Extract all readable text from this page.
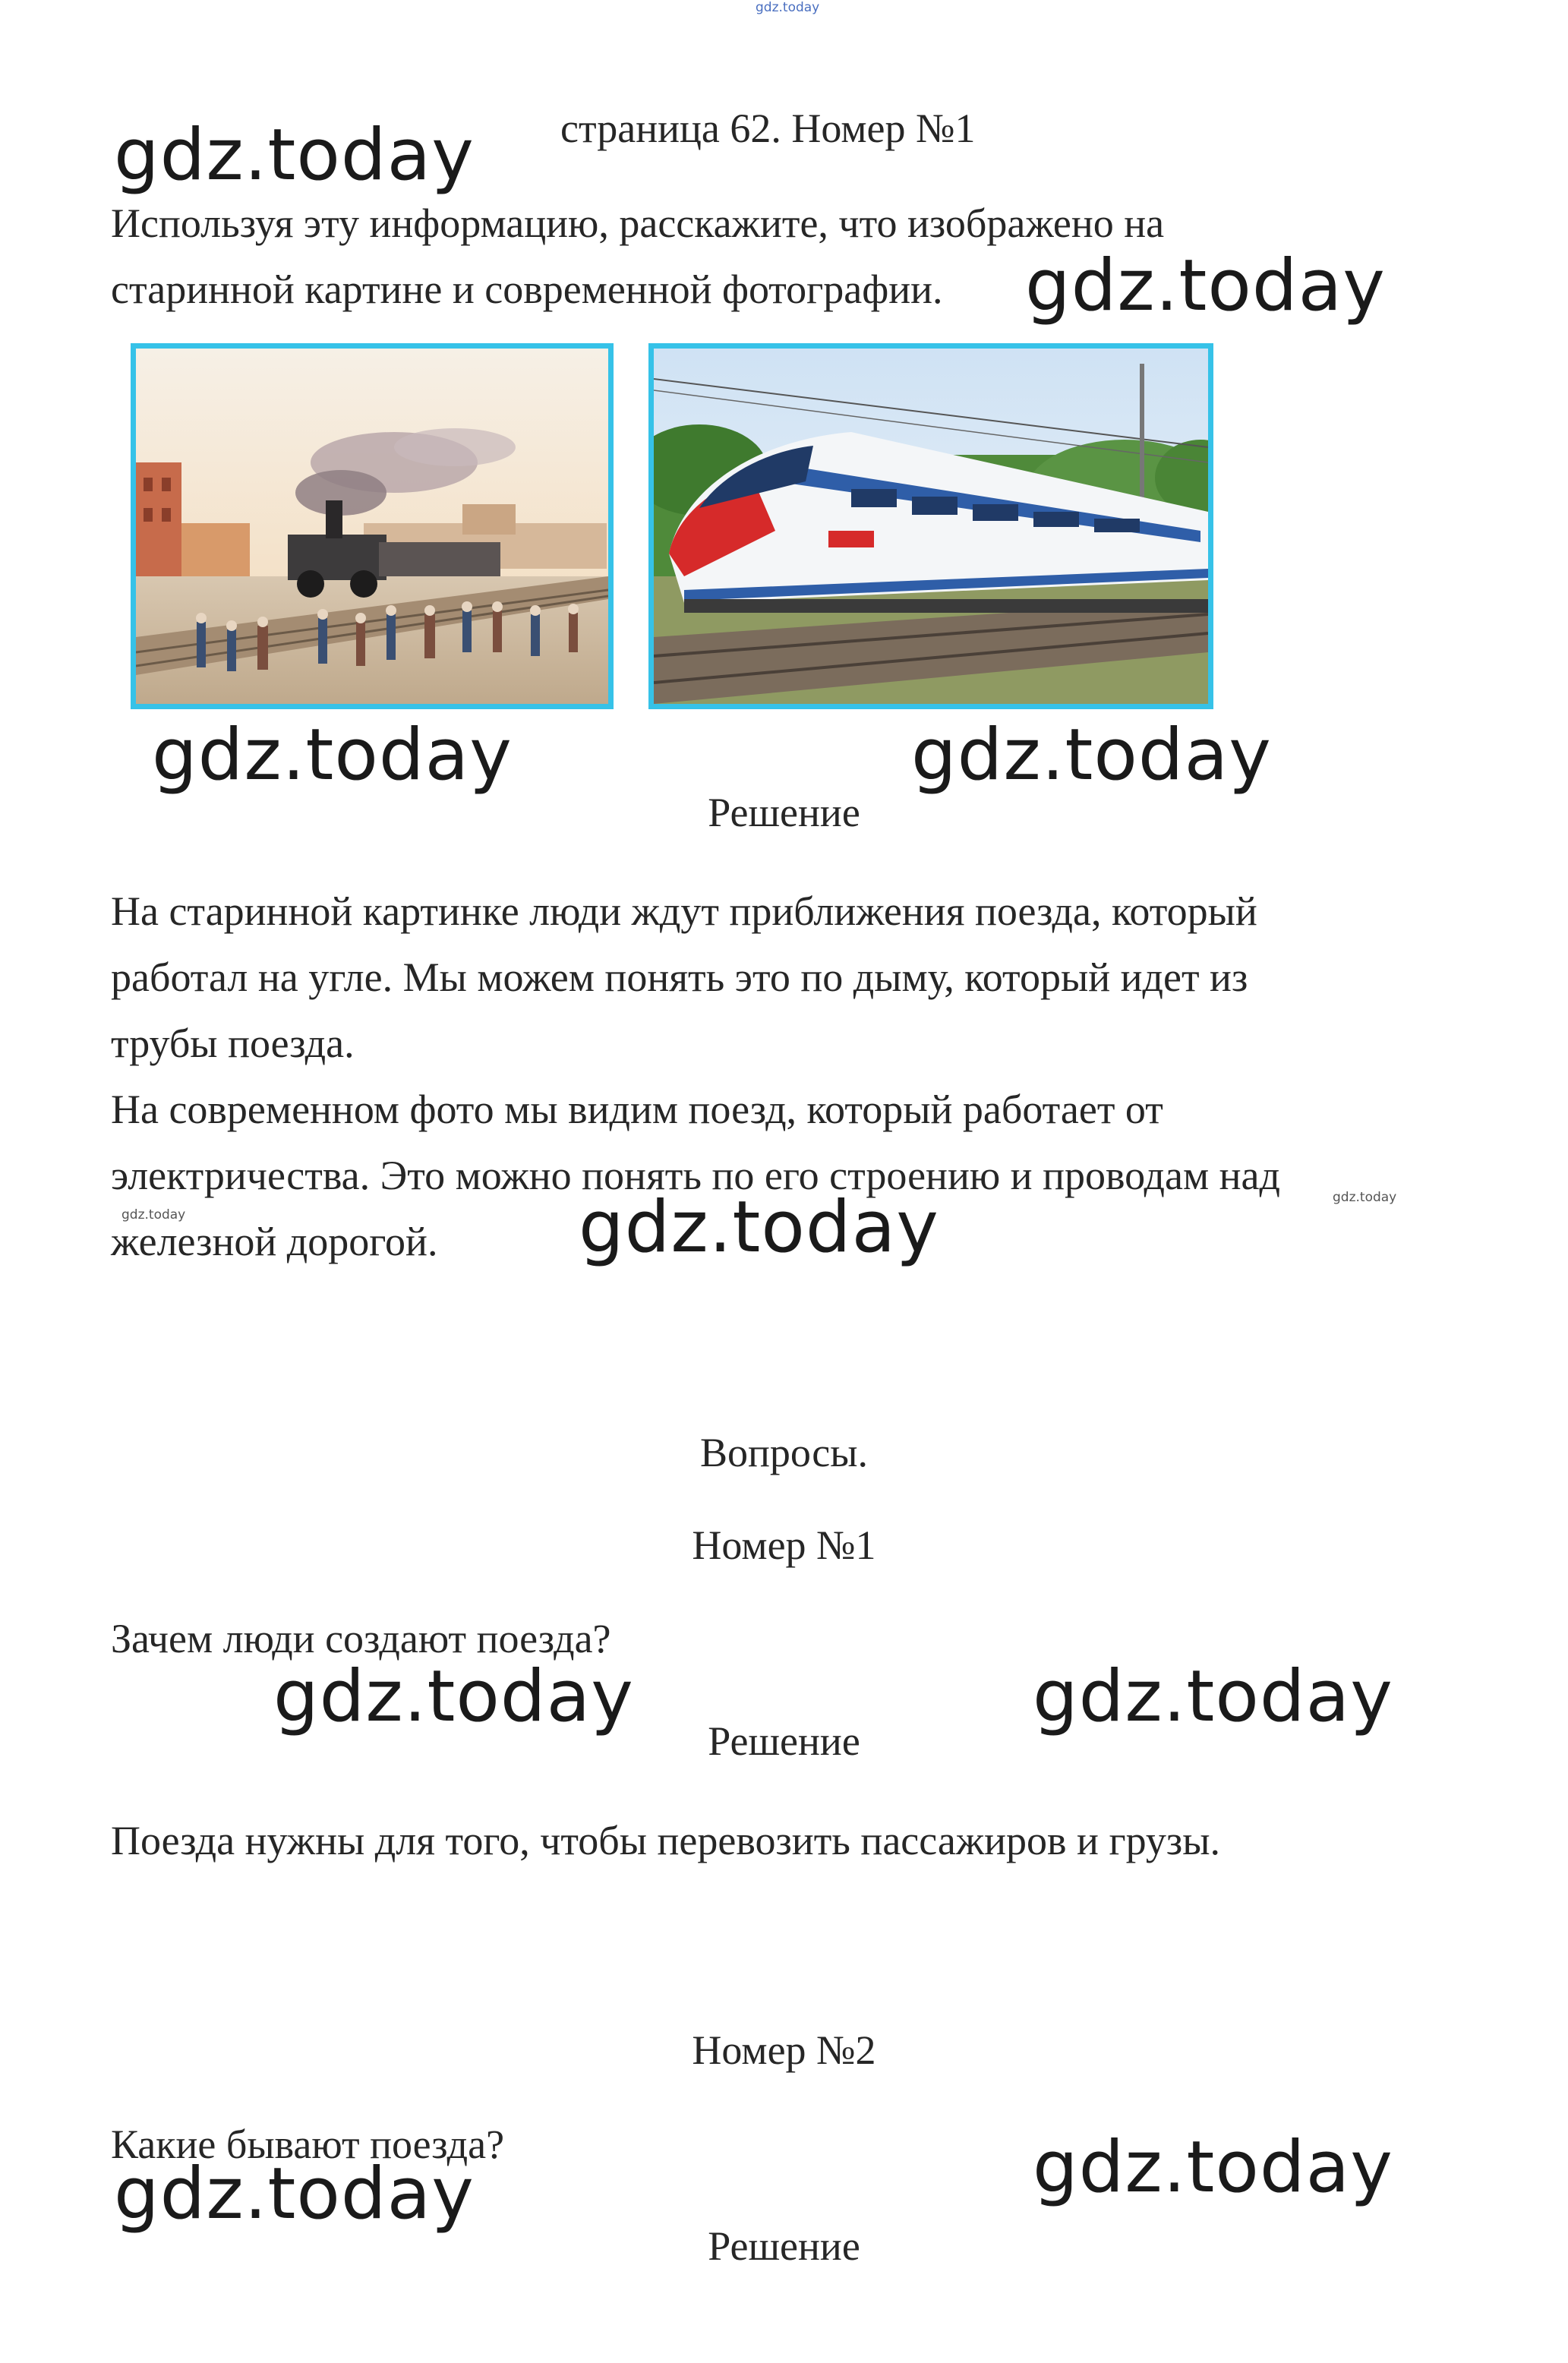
gdz.today
страница 62. Номер №1
gdz.today
Используя эту информацию, расскажите, что изображено на
старинной картине и современной фотографии. gdz.today
gdz.today	gdz.today
Решение
На старинной картинке люди ждут приближения поезда, который
работал на угле. Мы можем понять это по дыму, который идет из
трубы поезда.
На современном фото мы видим поезд, который работает от
электричества. Это можно понять по его строению и проводам над
железной дорогой.
gdz.today
gdz.today
gdz.today
Вопросы.
Номер №1
Зачем люди создают поезда?
gdz.today	gdz.today
Решение
Поезда нужны для того, чтобы перевозить пассажиров и грузы.
Номер №2
Какие бывают поезда?
gdz.today	gdz.today
Решение
